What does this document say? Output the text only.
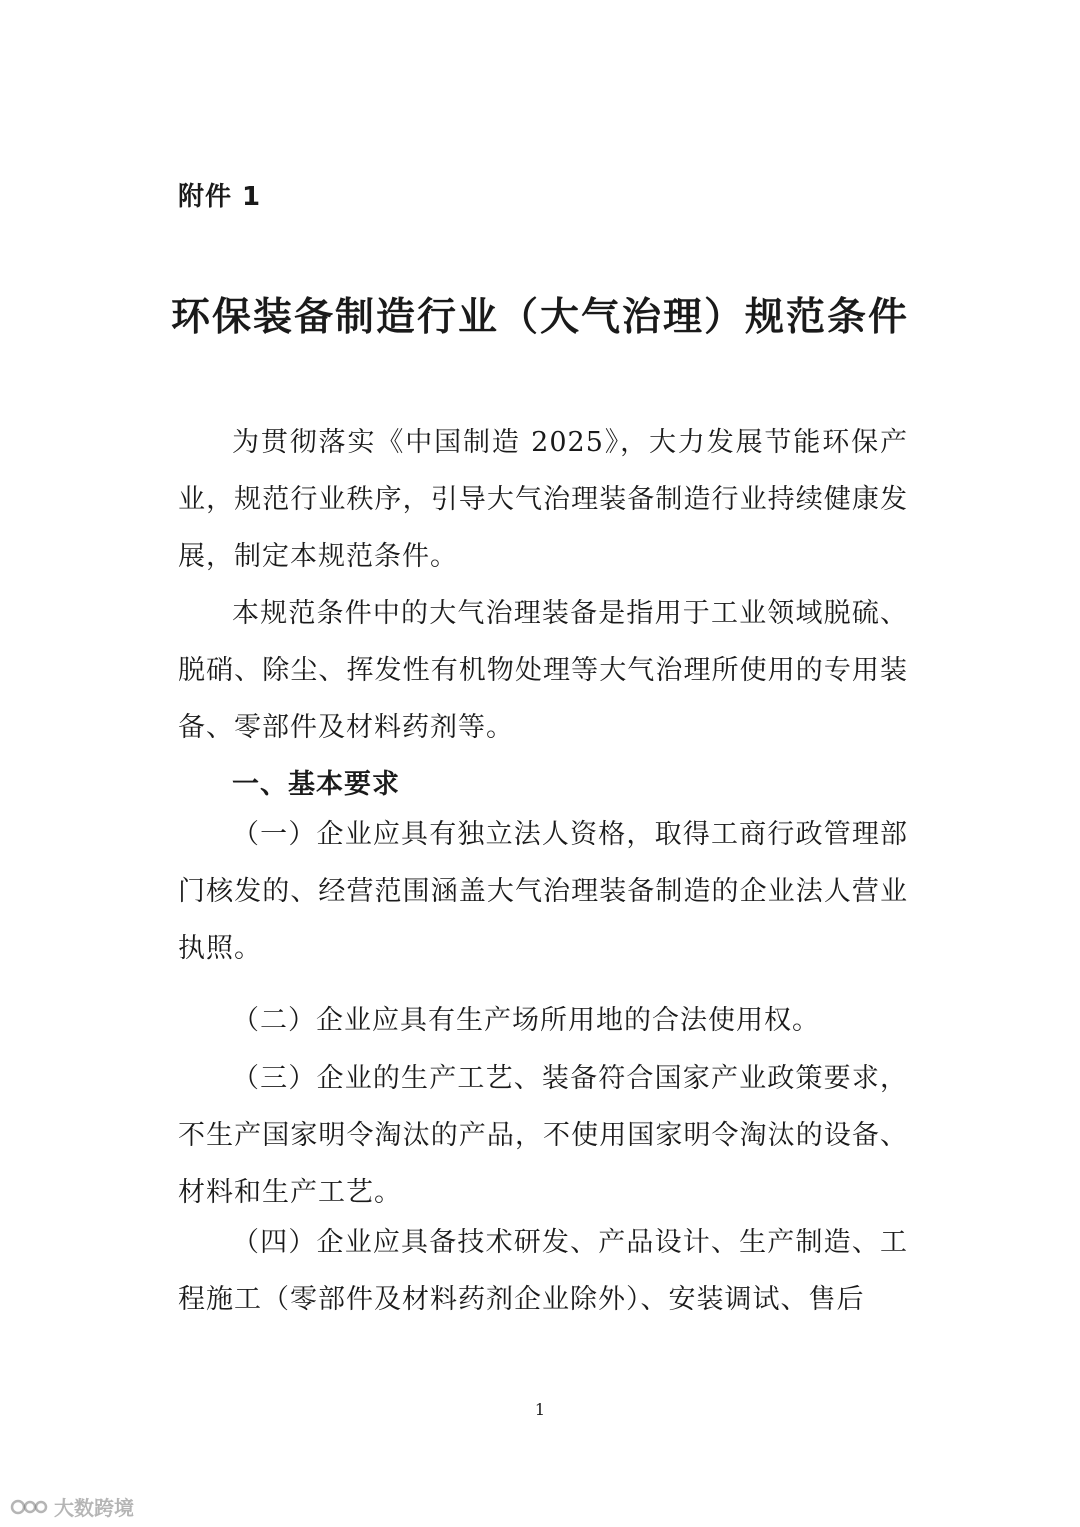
附件 1
环保装备制造行业（大气治理）规范条件

为贯彻落实《中国制造 2025》，大力发展节能环保产业，规范行业秩序，引导大气治理装备制造行业持续健康发展，制定本规范条件。

本规范条件中的大气治理装备是指用于工业领域脱硫、脱硝、除尘、挥发性有机物处理等大气治理所使用的专用装备、零部件及材料药剂等。

一、基本要求

（一）企业应具有独立法人资格，取得工商行政管理部门核发的、经营范围涵盖大气治理装备制造的企业法人营业执照。

（二）企业应具有生产场所用地的合法使用权。

（三）企业的生产工艺、装备符合国家产业政策要求，不生产国家明令淘汰的产品，不使用国家明令淘汰的设备、材料和生产工艺。

（四）企业应具备技术研发、产品设计、生产制造、工程施工（零部件及材料药剂企业除外）、安装调试、售后

1
大数跨境
